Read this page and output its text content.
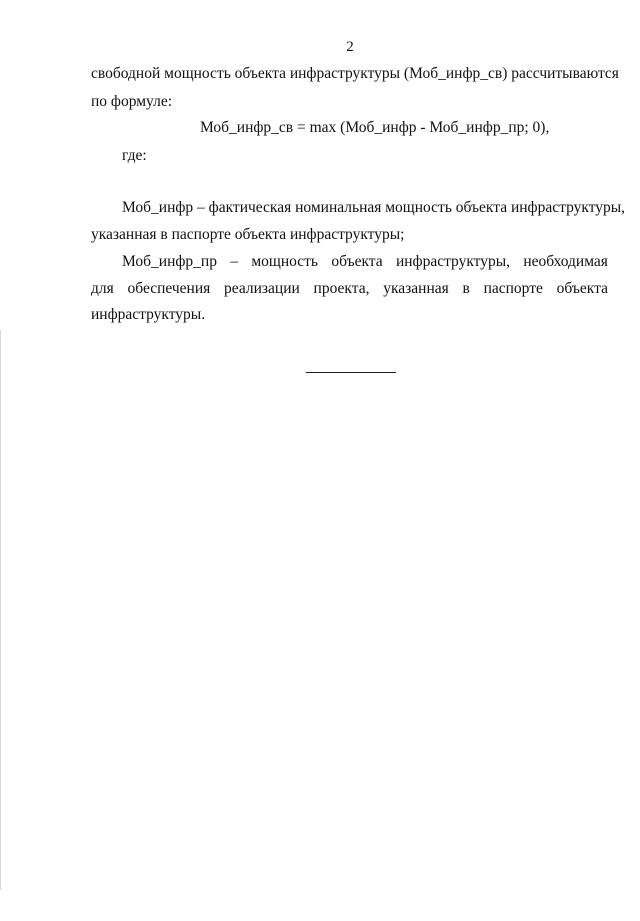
2
свободной мощность объекта инфраструктуры (Моб_инфр_св) рассчитываются
по формуле:
Моб_инфр_св = max (Моб_инфр - Моб_инфр_пр; 0),
где:
Моб_инфр – фактическая номинальная мощность объекта инфраструктуры,
указанная в паспорте объекта инфраструктуры;
Моб_инфр_пр – мощность объекта инфраструктуры, необходимая
для обеспечения реализации проекта, указанная в паспорте объекта
инфраструктуры.
